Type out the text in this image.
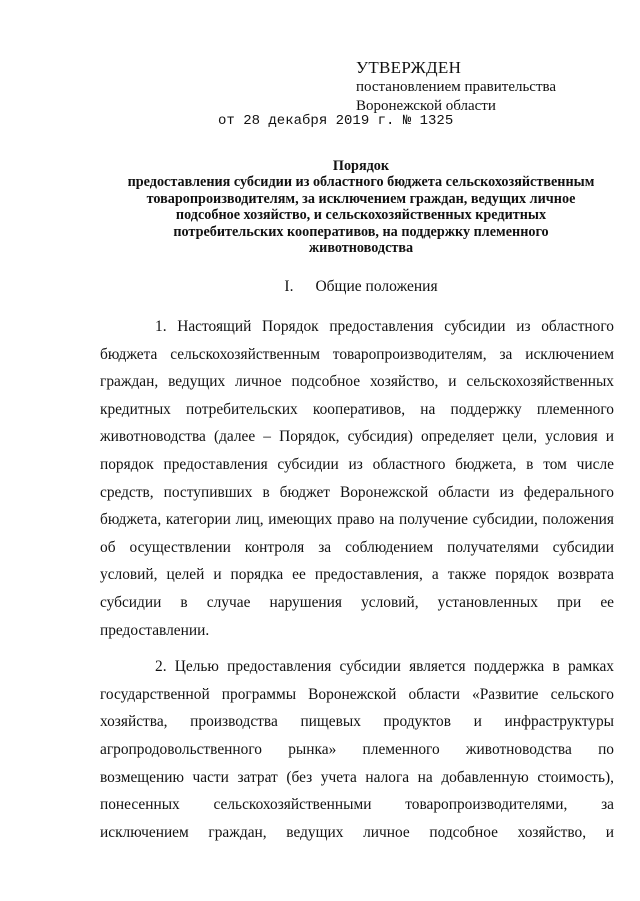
УТВЕРЖДЕН
постановлением правительства
Воронежской области
от 28 декабря 2019 г. № 1325
Порядок
предоставления субсидии из областного бюджета сельскохозяйственным
товаропроизводителям, за исключением граждан, ведущих личное
подсобное хозяйство, и сельскохозяйственных кредитных
потребительских кооперативов, на поддержку племенного
животноводства
I. Общие положения
1. Настоящий Порядок предоставления субсидии из областного
бюджета сельскохозяйственным товаропроизводителям, за исключением
граждан, ведущих личное подсобное хозяйство, и сельскохозяйственных
кредитных потребительских кооперативов, на поддержку племенного
животноводства (далее – Порядок, субсидия) определяет цели, условия и
порядок предоставления субсидии из областного бюджета, в том числе
средств, поступивших в бюджет Воронежской области из федерального
бюджета, категории лиц, имеющих право на получение субсидии, положения
об осуществлении контроля за соблюдением получателями субсидии
условий, целей и порядка ее предоставления, а также порядок возврата
субсидии в случае нарушения условий, установленных при ее
предоставлении.
2. Целью предоставления субсидии является поддержка в рамках
государственной программы Воронежской области «Развитие сельского
хозяйства, производства пищевых продуктов и инфраструктуры
агропродовольственного рынка» племенного животноводства по
возмещению части затрат (без учета налога на добавленную стоимость),
понесенных сельскохозяйственными товаропроизводителями, за
исключением граждан, ведущих личное подсобное хозяйство, и
